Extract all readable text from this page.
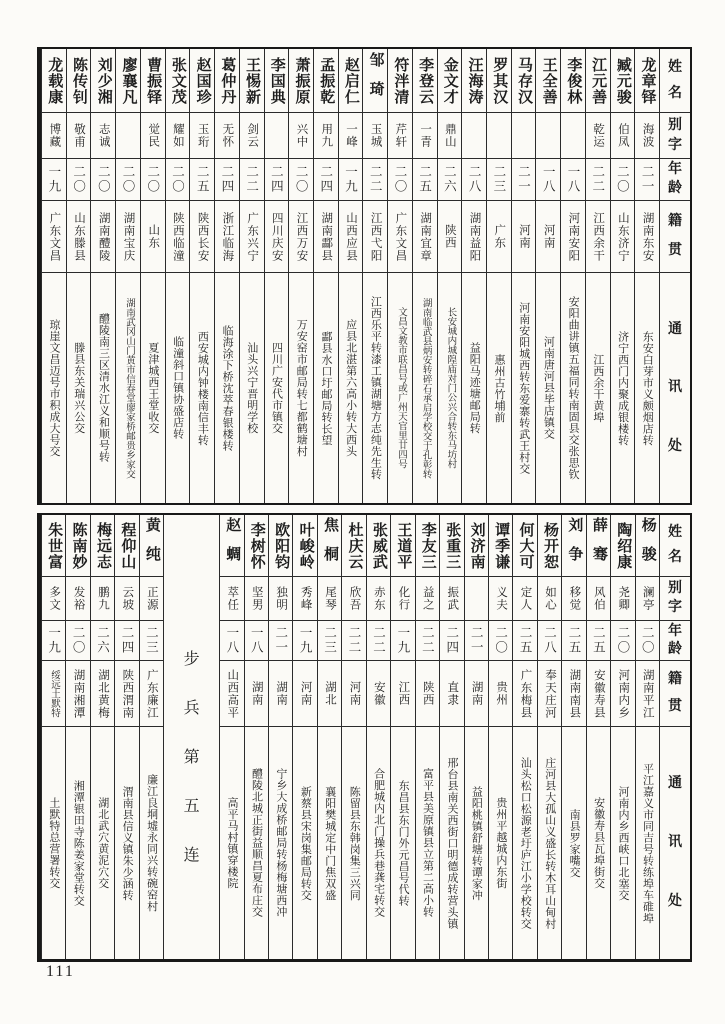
姓
名
别
字
年
龄
籍
贯
通
讯
处
龙章铎
海波
二一
湖南东安
东安白芽市义颇烟店转
臧元骏
伯凤
二〇
山东济宁
济宁西门内聚成银楼转
江元善
乾运
二二
江西余干
江西余干黄埠
李俊林
一八
河南安阳
安阳曲讲镇五福同转南固县交张思钦
王全善
一八
河南
河南唐河县毕店镇交
马存汉
二一
河南
河南安阳城西转东爱寨转武王村交
罗其汉
二三
广东
惠州古竹埔前
汪海涛
二八
湖南益阳
益阳马迹塘邮局转
金文才
鼎山
二六
陕西
长安城内城隍庙对门公兴合转东马坊村
李登云
一青
二五
湖南宜章
湖南临武县炳安转碎石承启学校交于孔彰转
符泮清
芹轩
二〇
广东文昌
文昌文教市联昌号或广州天官里廿四号
邹琦
玉城
二二
江西弋阳
江西乐平转漆工镇湖塘方志纯先生转
赵启仁
一峰
一九
山西应县
应县北湛第六高小转大西头
孟振乾
用九
二四
湖南酃县
酃县水口圩邮局转长望
萧振原
兴中
二〇
江西万安
万安窑市邮局转七都鹤塘村
李国典
二四
四川庆安
四川广安代市镇交
王惕新
剑云
二二
广东兴宁
汕头兴宁晋明学校
葛仲丹
无怀
二四
浙江临海
临海涂下桥沈萃春银楼转
赵国珍
玉珩
二五
陕西长安
西安城内钟楼南信丰转
张文茂
耀如
二〇
陕西临潼
临潼斜口镇协盛店转
曹振铎
觉民
二〇
山东
夏津城西王堂收交
廖襄凡
二〇
湖南宝庆
湖南武冈山门黄市信春堂廖家桥邮贵乡家交
刘少湘
志诚
二〇
湖南醴陵
醴陵南三区清水江义和顺号转
陈传钊
敬甫
二〇
山东滕县
滕县东关瑞兴公交
龙载康
博藏
一九
广东文昌
琼崖文昌迈号市积成大号交
姓
名
别
字
年
龄
籍
贯
通
讯
处
杨骏
澜亭
二〇
湖南平江
平江嘉义市同吉号转练埠车碓埠
陶绍康
尧卿
二〇
河南内乡
河南内乡西峡口北塞交
薛骞
风伯
二五
安徽寿县
安徽寿县瓦埠街交
刘争
移觉
二五
湖南南县
南县罗家嘴交
杨开恕
如心
二八
奉天庄河
庄河县大孤山义盛长转木耳山甸村
何大可
定人
二五
广东梅县
汕头松口松源老圩庐江小学校转交
谭季谦
义夫
二〇
贵州
贵州平越城内东街
刘济南
二一
湖南
益阳桃镇舒塘转谭家冲
张重三
振武
二四
直隶
邢台县南关西街口明德成转营头镇
李友三
益之
二二
陕西
富平县美原镇县立第二高小转
王道平
化行
一九
江西
东昌县东门外元昌号代转
张威武
赤东
二二
安徽
合肥城内北门操兵巷龚宅转交
杜庆云
欣吾
二二
河南
陈留县东韩岗集三兴同
焦桐
尾琴
二三
湖北
襄阳樊城定中门焦双盛
叶峻岭
秀峰
一九
河南
新蔡县宋岗集邮局转交
欧阳钧
独明
二一
湖南
宁乡大成桥邮局转杨梅塘西冲
李树怀
坚男
一八
湖南
醴陵北城正街益顺昌夏布庄交
赵蜩
萃任
一八
山西高平
高平马村镇穿楼院
步
兵
第
五
连
黄纯
正源
二三
广东廉江
廉江良垌墟永同兴转碗窑村
程仰山
云坡
二四
陕西渭南
渭南县信义镇朱少涵转
梅远志
鹏九
二六
湖北黄梅
湖北武穴黄泥穴交
陈南妙
发裕
二〇
湖南湘潭
湘潭银田寺陈姜家堂转交
朱世富
多文
一九
绥远土默特
土默特总营署转交
111
